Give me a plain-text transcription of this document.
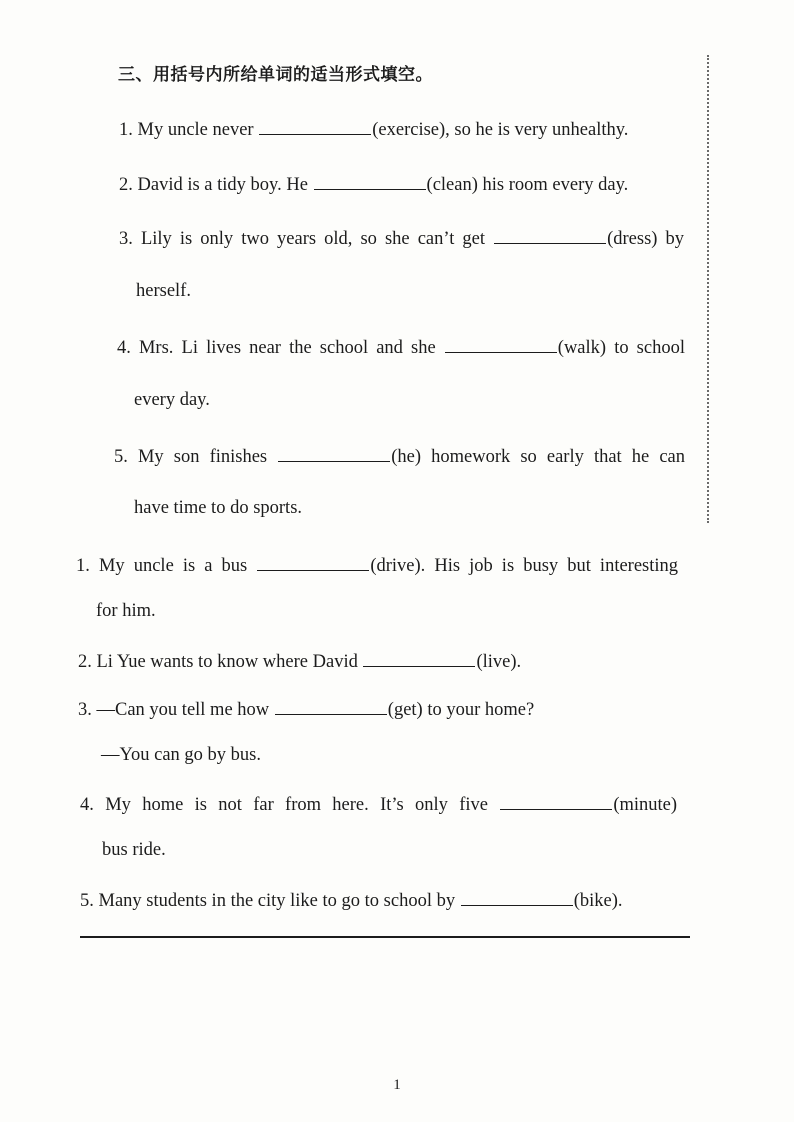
三、用括号内所给单词的适当形式填空。
1. My uncle never	(exercise), so he is very unhealthy.
2. David is a tidy boy. He	(clean) his room every day.
3. Lily is only two years old, so she can’t get	(dress) by
herself.
4. Mrs. Li lives near the school and she	(walk) to school
every day.
5. My son finishes	(he) homework so early that he can
have time to do sports.
1. My uncle is a bus	(drive). His job is busy but interesting
for him.
2. Li Yue wants to know where David	(live).
3. —Can you tell me how	(get) to your home?
—You can go by bus.
4. My home is not far from here. It’s only five	(minute)
bus ride.
5. Many students in the city like to go to school by	(bike).
1
